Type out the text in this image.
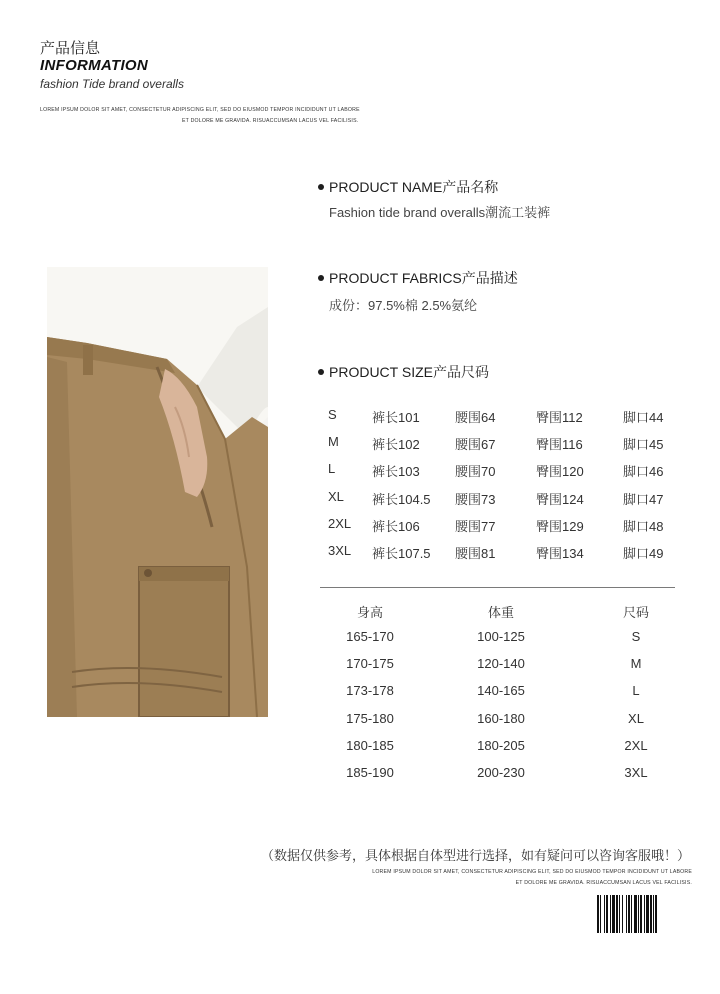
产品信息
INFORMATION
fashion Tide brand overalls
LOREM IPSUM DOLOR SIT AMET, CONSECTETUR ADIPISCING ELIT, SED DO EIUSMOD TEMPOR INCIDIDUNT UT LABORE
ET DOLORE ME GRAVIDA. RISUACCUMSAN LACUS VEL FACILISIS.
PRODUCT NAME产品名称
Fashion tide brand overalls潮流工装裤
PRODUCT FABRICS产品描述
成份：97.5%棉 2.5%氨纶
PRODUCT SIZE产品尺码
S	裤长101	腰围64	臀围112	脚口44
M	裤长102	腰围67	臀围116	脚口45
L	裤长103	腰围70	臀围120	脚口46
XL 裤长104.5 腰围73	臀围124	脚口47
2XL 裤长106	腰围77	臀围129	脚口48
3XL 裤长107.5 腰围81	臀围134	脚口49
身高	体重	尺码
165-170	100-125	S
170-175	120-140	M
173-178	140-165	L
175-180	160-180	XL
180-185	180-205	2XL
185-190	200-230	3XL
（数据仅供参考，具体根据自体型进行选择，如有疑问可以咨询客服哦！）
LOREM IPSUM DOLOR SIT AMET, CONSECTETUR ADIPISCING ELIT, SED DO EIUSMOD TEMPOR INCIDIDUNT UT LABORE
ET DOLORE ME GRAVIDA. RISUACCUMSAN LACUS VEL FACILISIS.
